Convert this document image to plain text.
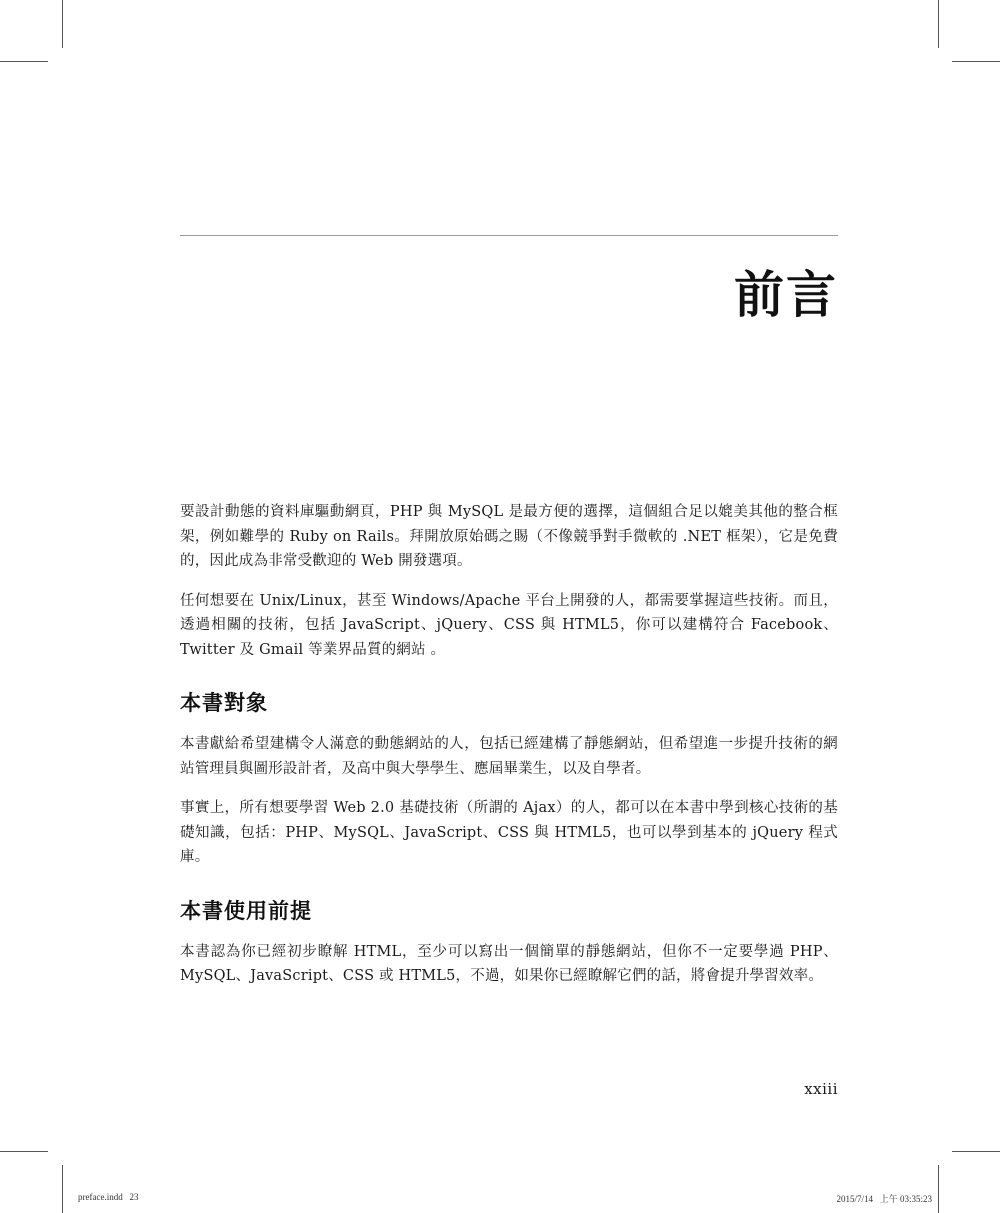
前言

要設計動態的資料庫驅動網頁，PHP 與 MySQL 是最方便的選擇，這個組合足以媲美其他的整合框架，例如難學的 Ruby on Rails。拜開放原始碼之賜（不像競爭對手微軟的 .NET 框架），它是免費的，因此成為非常受歡迎的 Web 開發選項。

任何想要在 Unix/Linux，甚至 Windows/Apache 平台上開發的人，都需要掌握這些技術。而且，透過相關的技術，包括 JavaScript、jQuery、CSS 與 HTML5，你可以建構符合 Facebook、Twitter 及 Gmail 等業界品質的網站 。

本書對象

本書獻給希望建構令人滿意的動態網站的人，包括已經建構了靜態網站，但希望進一步提升技術的網站管理員與圖形設計者，及高中與大學學生、應屆畢業生，以及自學者。

事實上，所有想要學習 Web 2.0 基礎技術（所謂的 Ajax）的人，都可以在本書中學到核心技術的基礎知識，包括：PHP、MySQL、JavaScript、CSS 與 HTML5，也可以學到基本的 jQuery 程式庫。

本書使用前提

本書認為你已經初步瞭解 HTML，至少可以寫出一個簡單的靜態網站，但你不一定要學過 PHP、MySQL、JavaScript、CSS 或 HTML5，不過，如果你已經瞭解它們的話，將會提升學習效率。

xxiii
preface.indd   23	2015/7/14   上午 03:35:23
